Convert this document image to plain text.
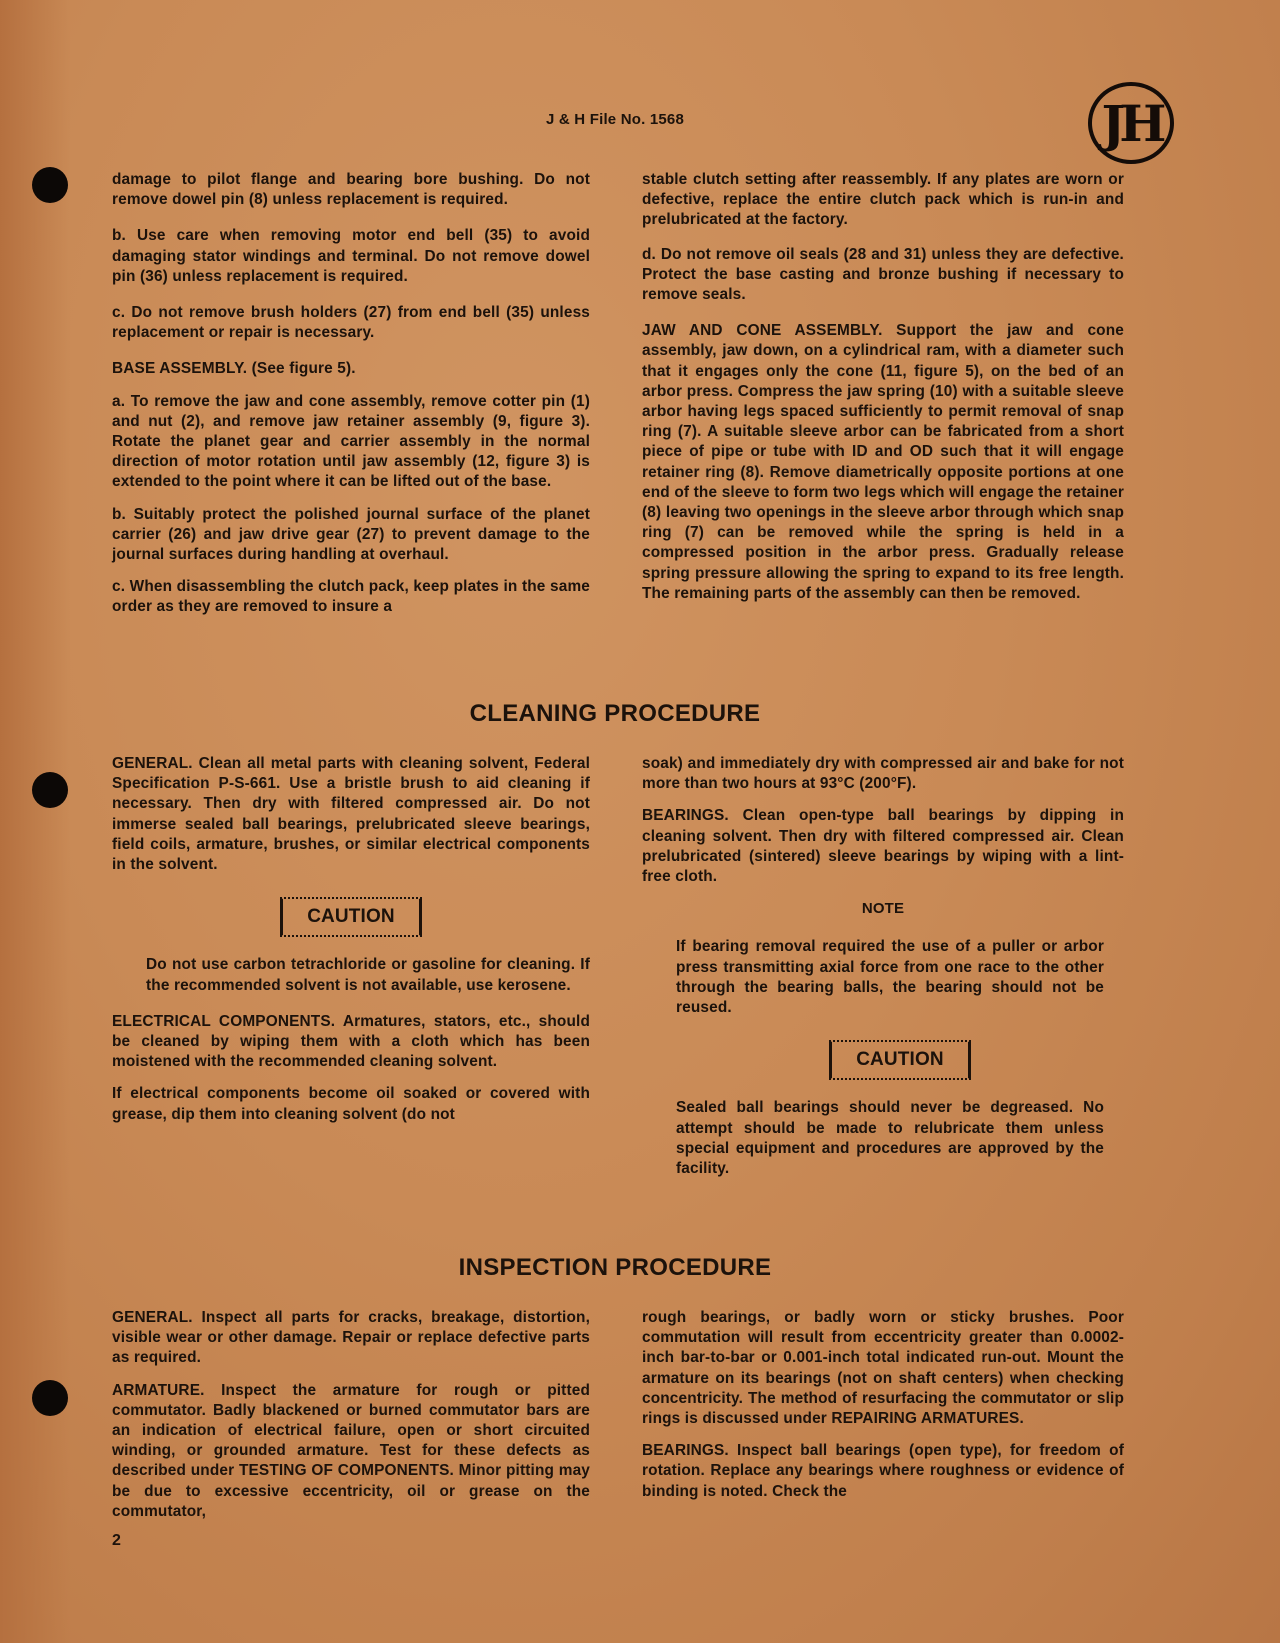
J & H File No. 1568	JH

damage to pilot flange and bearing bore bushing. Do not remove dowel pin (8) unless replacement is required.

b. Use care when removing motor end bell (35) to avoid damaging stator windings and terminal. Do not remove dowel pin (36) unless replacement is required.

c. Do not remove brush holders (27) from end bell (35) unless replacement or repair is necessary.

BASE ASSEMBLY. (See figure 5).

a. To remove the jaw and cone assembly, remove cotter pin (1) and nut (2), and remove jaw retainer assembly (9, figure 3). Rotate the planet gear and carrier assembly in the normal direction of motor rotation until jaw assembly (12, figure 3) is extended to the point where it can be lifted out of the base.

b. Suitably protect the polished journal surface of the planet carrier (26) and jaw drive gear (27) to prevent damage to the journal surfaces during handling at overhaul.

c. When disassembling the clutch pack, keep plates in the same order as they are removed to insure a

stable clutch setting after reassembly. If any plates are worn or defective, replace the entire clutch pack which is run-in and prelubricated at the factory.

d. Do not remove oil seals (28 and 31) unless they are defective. Protect the base casting and bronze bushing if necessary to remove seals.

JAW AND CONE ASSEMBLY. Support the jaw and cone assembly, jaw down, on a cylindrical ram, with a diameter such that it engages only the cone (11, figure 5), on the bed of an arbor press. Compress the jaw spring (10) with a suitable sleeve arbor having legs spaced sufficiently to permit removal of snap ring (7). A suitable sleeve arbor can be fabricated from a short piece of pipe or tube with ID and OD such that it will engage retainer ring (8). Remove diametrically opposite portions at one end of the sleeve to form two legs which will engage the retainer (8) leaving two openings in the sleeve arbor through which snap ring (7) can be removed while the spring is held in a compressed position in the arbor press. Gradually release spring pressure allowing the spring to expand to its free length. The remaining parts of the assembly can then be removed.

CLEANING PROCEDURE

GENERAL. Clean all metal parts with cleaning solvent, Federal Specification P-S-661. Use a bristle brush to aid cleaning if necessary. Then dry with filtered compressed air. Do not immerse sealed ball bearings, prelubricated sleeve bearings, field coils, armature, brushes, or similar electrical components in the solvent.

CAUTION

Do not use carbon tetrachloride or gasoline for cleaning. If the recommended solvent is not available, use kerosene.

ELECTRICAL COMPONENTS. Armatures, stators, etc., should be cleaned by wiping them with a cloth which has been moistened with the recommended cleaning solvent.

If electrical components become oil soaked or covered with grease, dip them into cleaning solvent (do not

soak) and immediately dry with compressed air and bake for not more than two hours at 93°C (200°F).

BEARINGS. Clean open-type ball bearings by dipping in cleaning solvent. Then dry with filtered compressed air. Clean prelubricated (sintered) sleeve bearings by wiping with a lint-free cloth.

NOTE

If bearing removal required the use of a puller or arbor press transmitting axial force from one race to the other through the bearing balls, the bearing should not be reused.

CAUTION

Sealed ball bearings should never be degreased. No attempt should be made to relubricate them unless special equipment and procedures are approved by the facility.

INSPECTION PROCEDURE

GENERAL. Inspect all parts for cracks, breakage, distortion, visible wear or other damage. Repair or replace defective parts as required.

ARMATURE. Inspect the armature for rough or pitted commutator. Badly blackened or burned commutator bars are an indication of electrical failure, open or short circuited winding, or grounded armature. Test for these defects as described under TESTING OF COMPONENTS. Minor pitting may be due to excessive eccentricity, oil or grease on the commutator,

rough bearings, or badly worn or sticky brushes. Poor commutation will result from eccentricity greater than 0.0002-inch bar-to-bar or 0.001-inch total indicated run-out. Mount the armature on its bearings (not on shaft centers) when checking concentricity. The method of resurfacing the commutator or slip rings is discussed under REPAIRING ARMATURES.

BEARINGS. Inspect ball bearings (open type), for freedom of rotation. Replace any bearings where roughness or evidence of binding is noted. Check the

2
